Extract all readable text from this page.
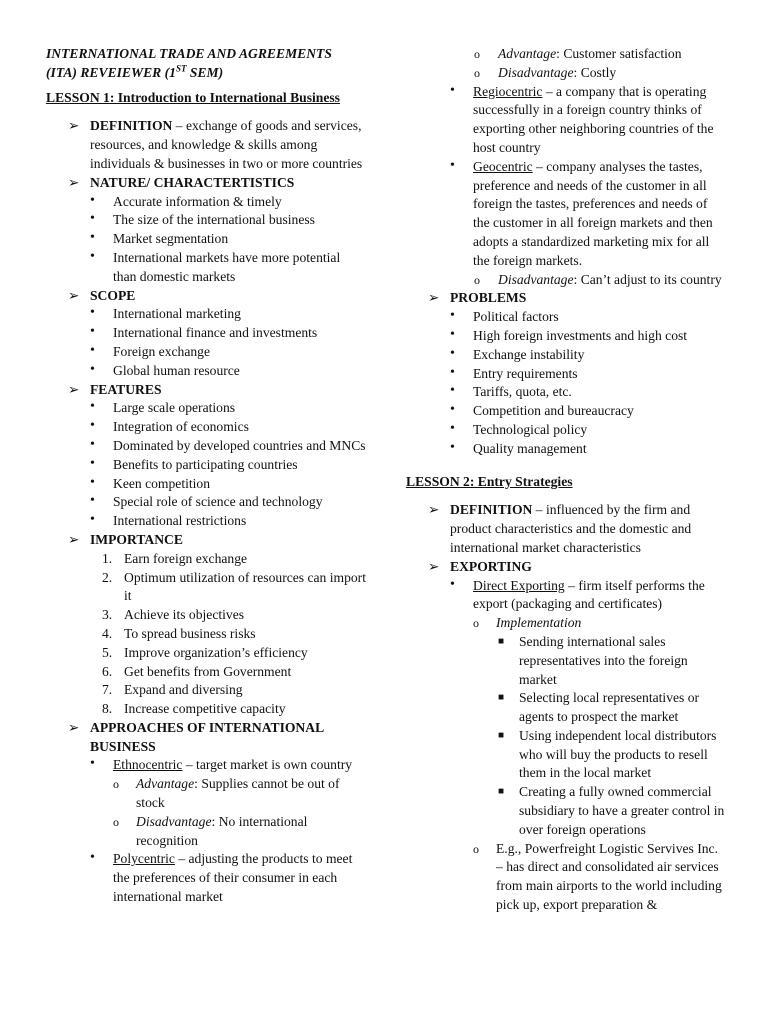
INTERNATIONAL TRADE AND AGREEMENTS
(ITA) REVEIEWER (1ST SEM)
LESSON 1: Introduction to International Business
➢ DEFINITION – exchange of goods and services, resources, and knowledge & skills among individuals & businesses in two or more countries
➢ NATURE/ CHARACTERTISTICS
• Accurate information & timely
• The size of the international business
• Market segmentation
• International markets have more potential than domestic markets
➢ SCOPE
• International marketing
• International finance and investments
• Foreign exchange
• Global human resource
➢ FEATURES
• Large scale operations
• Integration of economics
• Dominated by developed countries and MNCs
• Benefits to participating countries
• Keen competition
• Special role of science and technology
• International restrictions
➢ IMPORTANCE
1. Earn foreign exchange
2. Optimum utilization of resources can import it
3. Achieve its objectives
4. To spread business risks
5. Improve organization’s efficiency
6. Get benefits from Government
7. Expand and diversing
8. Increase competitive capacity
➢ APPROACHES OF INTERNATIONAL BUSINESS
• Ethnocentric – target market is own country
o Advantage: Supplies cannot be out of stock
o Disadvantage: No international recognition
• Polycentric – adjusting the products to meet the preferences of their consumer in each international market
o Advantage: Customer satisfaction
o Disadvantage: Costly
• Regiocentric – a company that is operating successfully in a foreign country thinks of exporting other neighboring countries of the host country
• Geocentric – company analyses the tastes, preference and needs of the customer in all foreign the tastes, preferences and needs of the customer in all foreign markets and then adopts a standardized marketing mix for all the foreign markets.
o Disadvantage: Can’t adjust to its country
➢ PROBLEMS
• Political factors
• High foreign investments and high cost
• Exchange instability
• Entry requirements
• Tariffs, quota, etc.
• Competition and bureaucracy
• Technological policy
• Quality management
LESSON 2: Entry Strategies
➢ DEFINITION – influenced by the firm and product characteristics and the domestic and international market characteristics
➢ EXPORTING
• Direct Exporting – firm itself performs the export (packaging and certificates)
o Implementation
■ Sending international sales representatives into the foreign market
■ Selecting local representatives or agents to prospect the market
■ Using independent local distributors who will buy the products to resell them in the local market
■ Creating a fully owned commercial subsidiary to have a greater control in over foreign operations
o E.g., Powerfreight Logistic Servives Inc. – has direct and consolidated air services from main airports to the world including pick up, export preparation &
